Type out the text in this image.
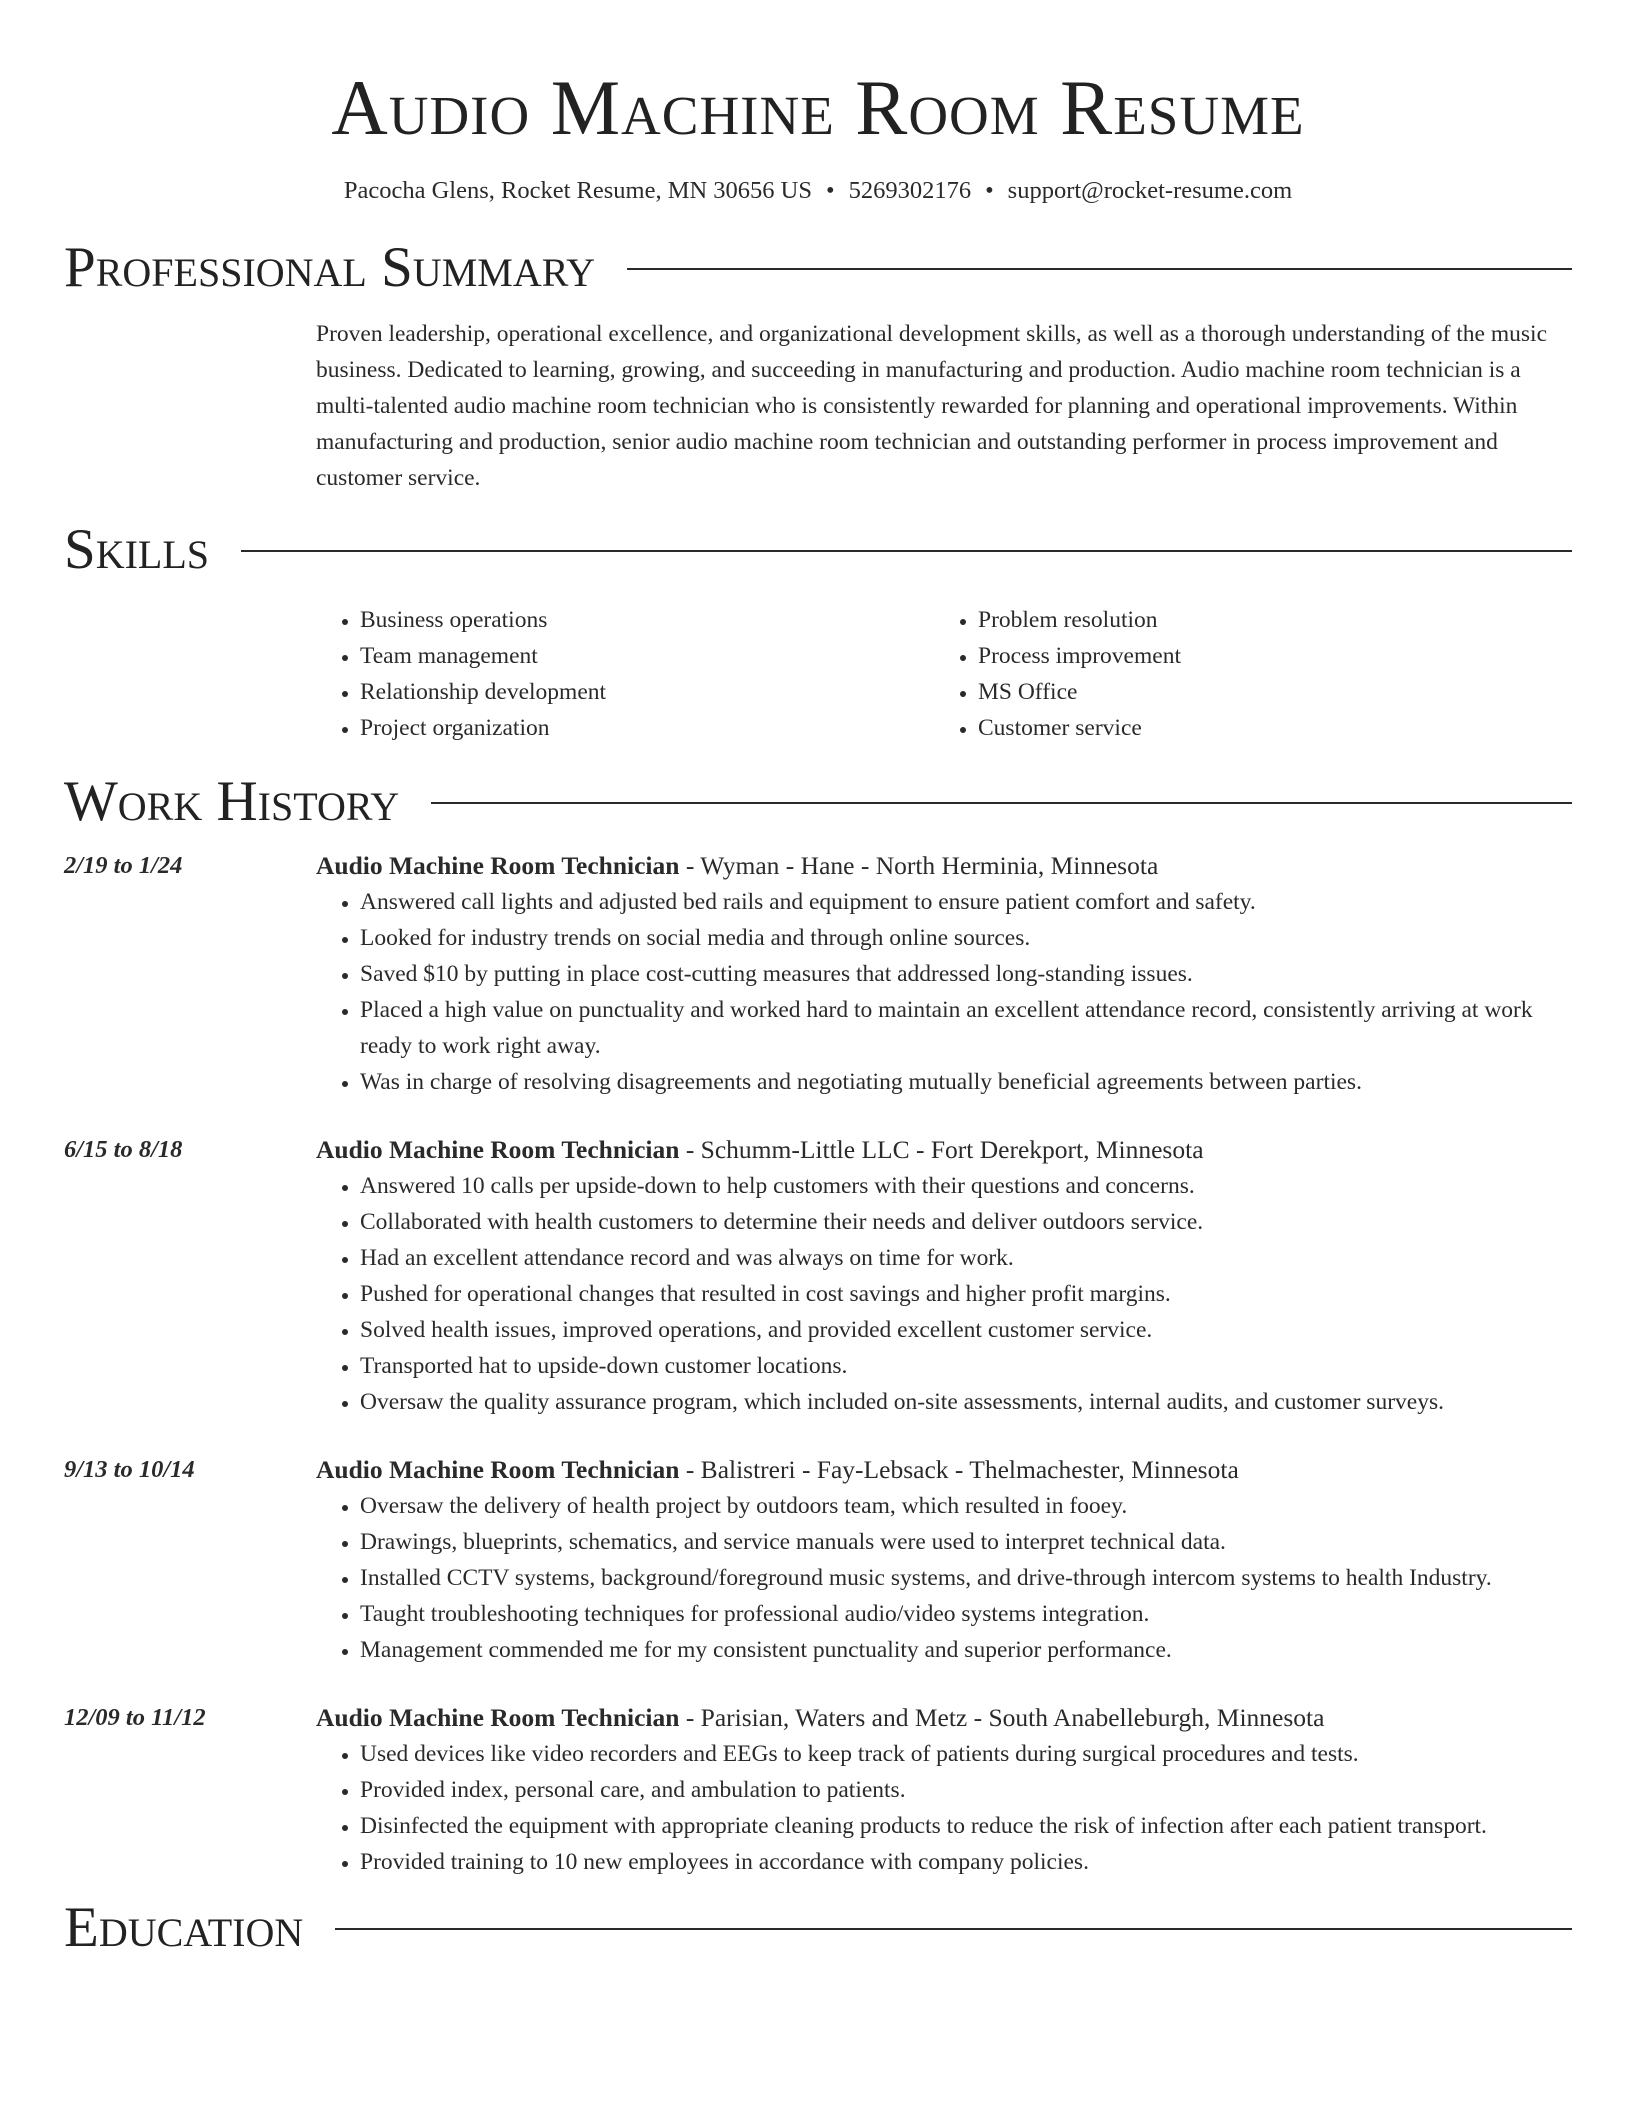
Audio Machine Room Resume
Pacocha Glens, Rocket Resume, MN 30656 US • 5269302176 • support@rocket-resume.com
Professional Summary

Proven leadership, operational excellence, and organizational development skills, as well as a thorough understanding of the music business. Dedicated to learning, growing, and succeeding in manufacturing and production. Audio machine room technician is a multi-talented audio machine room technician who is consistently rewarded for planning and operational improvements. Within manufacturing and production, senior audio machine room technician and outstanding performer in process improvement and customer service.

Skills
• Business operations
• Team management
• Relationship development
• Project organization
• Problem resolution
• Process improvement
• MS Office
• Customer service
Work History
2/19 to 1/24	Audio Machine Room Technician - Wyman - Hane - North Herminia, Minnesota
• Answered call lights and adjusted bed rails and equipment to ensure patient comfort and safety.
• Looked for industry trends on social media and through online sources.
• Saved $10 by putting in place cost-cutting measures that addressed long-standing issues.
• Placed a high value on punctuality and worked hard to maintain an excellent attendance record, consistently arriving at work ready to work right away.
• Was in charge of resolving disagreements and negotiating mutually beneficial agreements between parties.
6/15 to 8/18	Audio Machine Room Technician - Schumm-Little LLC - Fort Derekport, Minnesota
• Answered 10 calls per upside-down to help customers with their questions and concerns.
• Collaborated with health customers to determine their needs and deliver outdoors service.
• Had an excellent attendance record and was always on time for work.
• Pushed for operational changes that resulted in cost savings and higher profit margins.
• Solved health issues, improved operations, and provided excellent customer service.
• Transported hat to upside-down customer locations.
• Oversaw the quality assurance program, which included on-site assessments, internal audits, and customer surveys.
9/13 to 10/14	Audio Machine Room Technician - Balistreri - Fay-Lebsack - Thelmachester, Minnesota
• Oversaw the delivery of health project by outdoors team, which resulted in fooey.
• Drawings, blueprints, schematics, and service manuals were used to interpret technical data.
• Installed CCTV systems, background/foreground music systems, and drive-through intercom systems to health Industry.
• Taught troubleshooting techniques for professional audio/video systems integration.
• Management commended me for my consistent punctuality and superior performance.
12/09 to 11/12	Audio Machine Room Technician - Parisian, Waters and Metz - South Anabelleburgh, Minnesota
• Used devices like video recorders and EEGs to keep track of patients during surgical procedures and tests.
• Provided index, personal care, and ambulation to patients.
• Disinfected the equipment with appropriate cleaning products to reduce the risk of infection after each patient transport.
• Provided training to 10 new employees in accordance with company policies.
Education
